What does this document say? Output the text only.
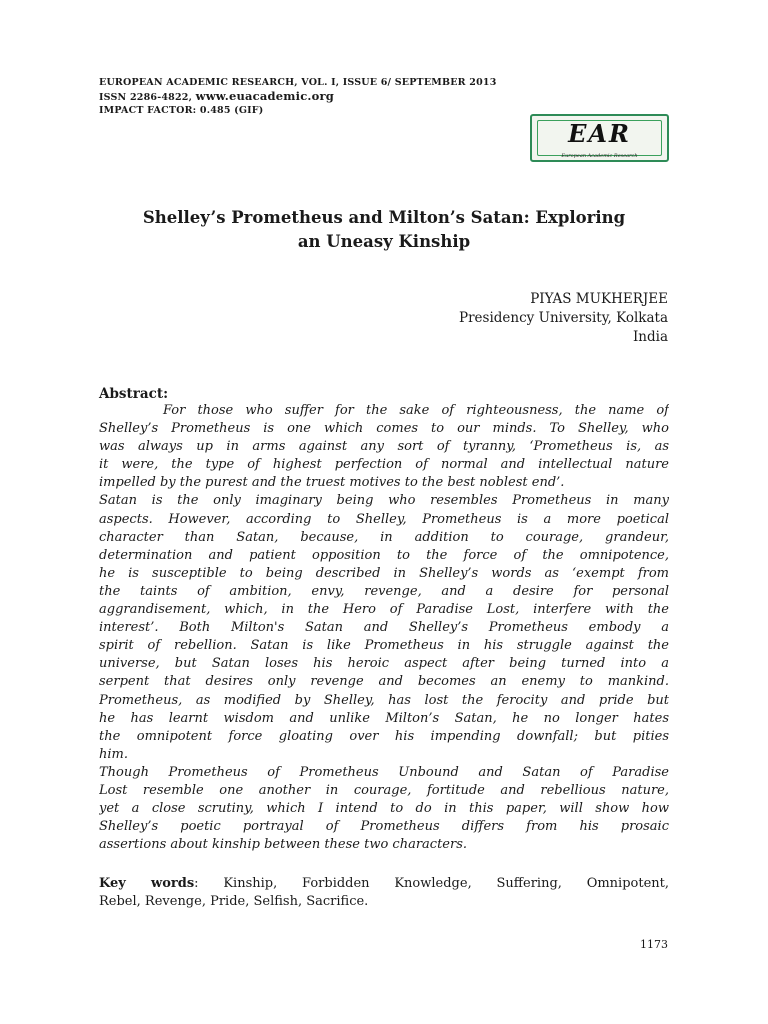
EUROPEAN ACADEMIC RESEARCH, VOL. I, ISSUE 6/ SEPTEMBER 2013
ISSN 2286-4822, www.euacademic.org
IMPACT FACTOR: 0.485 (GIF)
EAR
European Academic Research
Shelley’s Prometheus and Milton’s Satan: Exploring
an Uneasy Kinship
PIYAS MUKHERJEE
Presidency University, Kolkata
India
Abstract:
For those who suffer for the sake of righteousness, the name of
Shelley’s Prometheus is one which comes to our minds. To Shelley, who
was always up in arms against any sort of tyranny, ‘Prometheus is, as
it were, the type of highest perfection of normal and intellectual nature
impelled by the purest and the truest motives to the best noblest end’.
Satan is the only imaginary being who resembles Prometheus in many
aspects. However, according to Shelley, Prometheus is a more poetical
character than Satan, because, in addition to courage, grandeur,
determination and patient opposition to the force of the omnipotence,
he is susceptible to being described in Shelley’s words as ‘exempt from
the taints of ambition, envy, revenge, and a desire for personal
aggrandisement, which, in the Hero of Paradise Lost, interfere with the
interest’. Both Milton's Satan and Shelley’s Prometheus embody a
spirit of rebellion. Satan is like Prometheus in his struggle against the
universe, but Satan loses his heroic aspect after being turned into a
serpent that desires only revenge and becomes an enemy to mankind.
Prometheus, as modified by Shelley, has lost the ferocity and pride but
he has learnt wisdom and unlike Milton’s Satan, he no longer hates
the omnipotent force gloating over his impending downfall; but pities
him.
Though Prometheus of Prometheus Unbound and Satan of Paradise
Lost resemble one another in courage, fortitude and rebellious nature,
yet a close scrutiny, which I intend to do in this paper, will show how
Shelley’s poetic portrayal of Prometheus differs from his prosaic
assertions about kinship between these two characters.
Key words: Kinship, Forbidden Knowledge, Suffering, Omnipotent,
Rebel, Revenge, Pride, Selfish, Sacrifice.
1173
